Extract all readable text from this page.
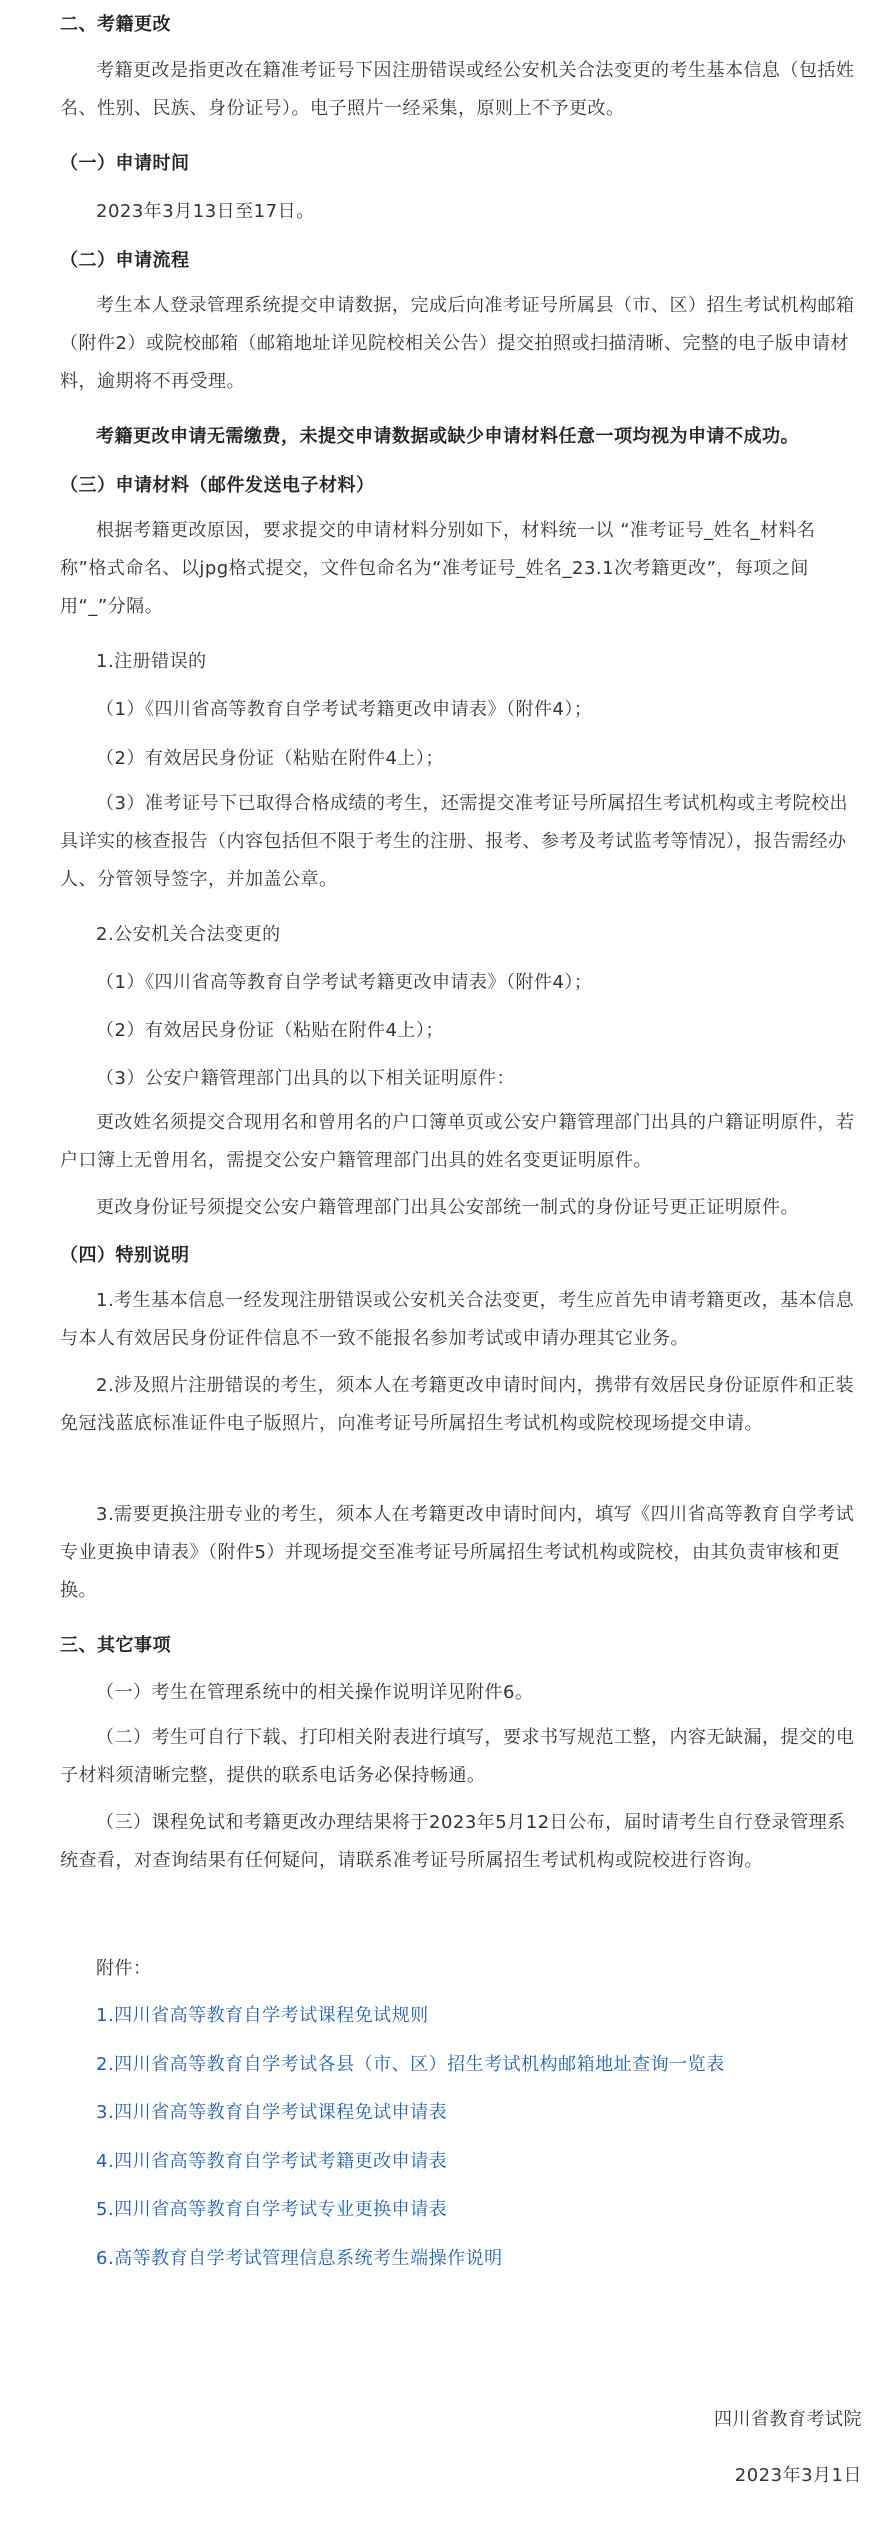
二、考籍更改

考籍更改是指更改在籍准考证号下因注册错误或经公安机关合法变更的考生基本信息（包括姓名、性别、民族、身份证号）。电子照片一经采集，原则上不予更改。

（一）申请时间

2023年3月13日至17日。

（二）申请流程

考生本人登录管理系统提交申请数据，完成后向准考证号所属县（市、区）招生考试机构邮箱（附件2）或院校邮箱（邮箱地址详见院校相关公告）提交拍照或扫描清晰、完整的电子版申请材料，逾期将不再受理。

考籍更改申请无需缴费，未提交申请数据或缺少申请材料任意一项均视为申请不成功。

（三）申请材料（邮件发送电子材料）

根据考籍更改原因，要求提交的申请材料分别如下，材料统一以 “准考证号_姓名_材料名称”格式命名、以jpg格式提交，文件包命名为“准考证号_姓名_23.1次考籍更改”，每项之间用“_”分隔。

1.注册错误的

（1）《四川省高等教育自学考试考籍更改申请表》（附件4）；

（2）有效居民身份证（粘贴在附件4上）；

（3）准考证号下已取得合格成绩的考生，还需提交准考证号所属招生考试机构或主考院校出具详实的核查报告（内容包括但不限于考生的注册、报考、参考及考试监考等情况），报告需经办人、分管领导签字，并加盖公章。

2.公安机关合法变更的

（1）《四川省高等教育自学考试考籍更改申请表》（附件4）；

（2）有效居民身份证（粘贴在附件4上）；

（3）公安户籍管理部门出具的以下相关证明原件：

更改姓名须提交合现用名和曾用名的户口簿单页或公安户籍管理部门出具的户籍证明原件，若户口簿上无曾用名，需提交公安户籍管理部门出具的姓名变更证明原件。

更改身份证号须提交公安户籍管理部门出具公安部统一制式的身份证号更正证明原件。

（四）特别说明

1.考生基本信息一经发现注册错误或公安机关合法变更，考生应首先申请考籍更改，基本信息与本人有效居民身份证件信息不一致不能报名参加考试或申请办理其它业务。

2.涉及照片注册错误的考生，须本人在考籍更改申请时间内，携带有效居民身份证原件和正装免冠浅蓝底标准证件电子版照片，向准考证号所属招生考试机构或院校现场提交申请。

3.需要更换注册专业的考生，须本人在考籍更改申请时间内，填写《四川省高等教育自学考试专业更换申请表》（附件5）并现场提交至准考证号所属招生考试机构或院校，由其负责审核和更换。

三、其它事项

（一）考生在管理系统中的相关操作说明详见附件6。

（二）考生可自行下载、打印相关附表进行填写，要求书写规范工整，内容无缺漏，提交的电子材料须清晰完整，提供的联系电话务必保持畅通。

（三）课程免试和考籍更改办理结果将于2023年5月12日公布，届时请考生自行登录管理系统查看，对查询结果有任何疑问，请联系准考证号所属招生考试机构或院校进行咨询。

附件：

1.四川省高等教育自学考试课程免试规则

2.四川省高等教育自学考试各县（市、区）招生考试机构邮箱地址查询一览表

3.四川省高等教育自学考试课程免试申请表

4.四川省高等教育自学考试考籍更改申请表

5.四川省高等教育自学考试专业更换申请表

6.高等教育自学考试管理信息系统考生端操作说明

四川省教育考试院
2023年3月1日
